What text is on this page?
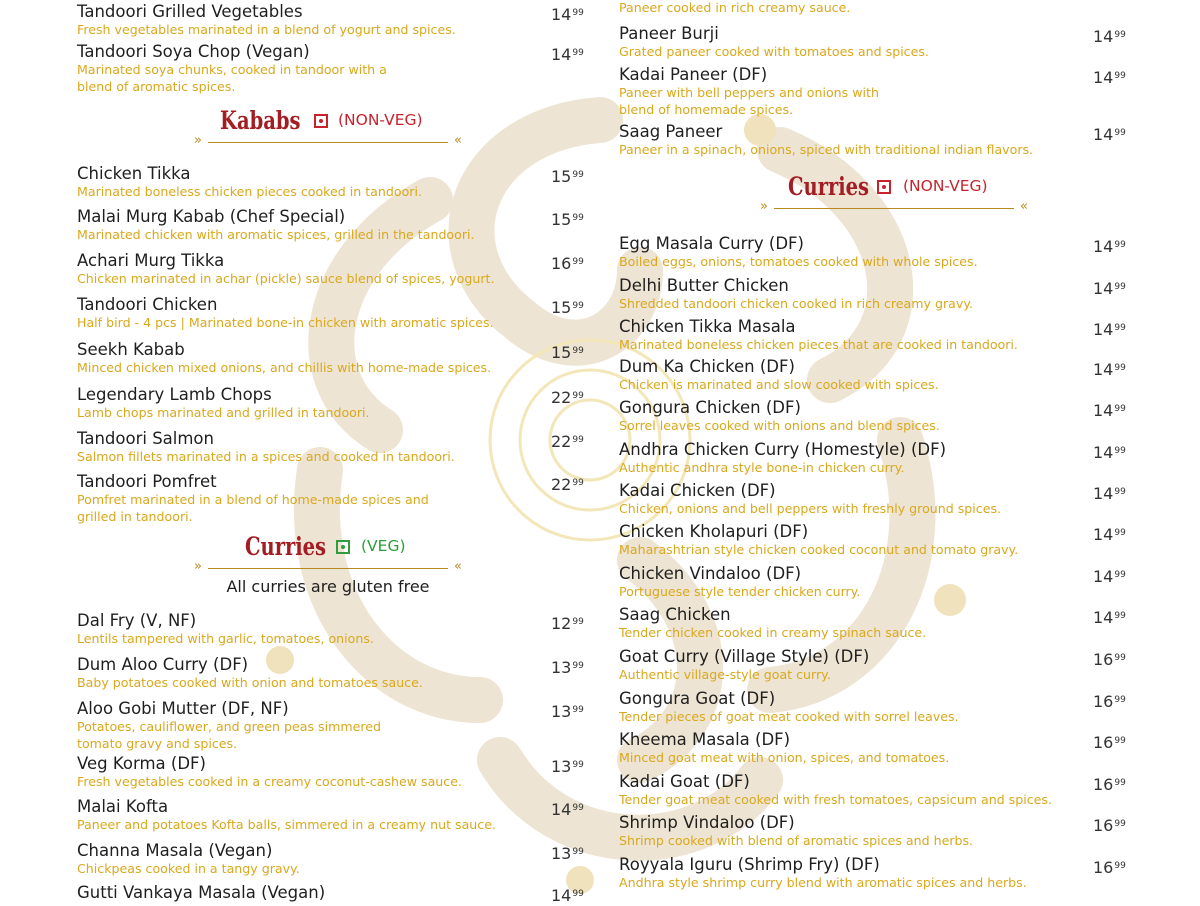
Tandoori Grilled Vegetables	$14^{99}$
Fresh vegetables marinated in a blend of yogurt and spices.
Tandoori Soya Chop (Vegan)	$14^{99}$
Marinated soya chunks, cooked in tandoor with a blend of aromatic spices.
Kababs (NON-VEG)
»	«
Chicken Tikka	$15^{99}$
Marinated boneless chicken pieces cooked in tandoori.
Malai Murg Kabab (Chef Special)	$15^{99}$
Marinated chicken with aromatic spices, grilled in the tandoori.
Achari Murg Tikka	$16^{99}$
Chicken marinated in achar (pickle) sauce blend of spices, yogurt.
Tandoori Chicken	$15^{99}$
Half bird - 4 pcs | Marinated bone-in chicken with aromatic spices.
Seekh Kabab	$15^{99}$
Minced chicken mixed onions, and chillis with home-made spices.
Legendary Lamb Chops	$22^{99}$
Lamb chops marinated and grilled in tandoori.
Tandoori Salmon	$22^{99}$
Salmon fillets marinated in a spices and cooked in tandoori.
Tandoori Pomfret	$22^{99}$
Pomfret marinated in a blend of home-made spices and grilled in tandoori.
Curries (VEG)
»	«
All curries are gluten free
Dal Fry (V, NF)	$12^{99}$
Lentils tampered with garlic, tomatoes, onions.
Dum Aloo Curry (DF)	$13^{99}$
Baby potatoes cooked with onion and tomatoes sauce.
Aloo Gobi Mutter (DF, NF)	$13^{99}$
Potatoes, cauliflower, and green peas simmered tomato gravy and spices.
Veg Korma (DF)	$13^{99}$
Fresh vegetables cooked in a creamy coconut-cashew sauce.
Malai Kofta	$14^{99}$
Paneer and potatoes Kofta balls, simmered in a creamy nut sauce.
Channa Masala (Vegan)	$13^{99}$
Chickpeas cooked in a tangy gravy.
Gutti Vankaya Masala (Vegan)	$14^{99}$
Paneer cooked in rich creamy sauce.
Paneer Burji	$14^{99}$
Grated paneer cooked with tomatoes and spices.
Kadai Paneer (DF)	$14^{99}$
Paneer with bell peppers and onions with blend of homemade spices.
Saag Paneer	$14^{99}$
Paneer in a spinach, onions, spiced with traditional indian flavors.
Curries (NON-VEG)
»	«
Egg Masala Curry (DF)	$14^{99}$
Boiled eggs, onions, tomatoes cooked with whole spices.
Delhi Butter Chicken	$14^{99}$
Shredded tandoori chicken cooked in rich creamy gravy.
Chicken Tikka Masala	$14^{99}$
Marinated boneless chicken pieces that are cooked in tandoori.
Dum Ka Chicken (DF)	$14^{99}$
Chicken is marinated and slow cooked with spices.
Gongura Chicken (DF)	$14^{99}$
Sorrel leaves cooked with onions and blend spices.
Andhra Chicken Curry (Homestyle) (DF)	$14^{99}$
Authentic andhra style bone-in chicken curry.
Kadai Chicken (DF)	$14^{99}$
Chicken, onions and bell peppers with freshly ground spices.
Chicken Kholapuri (DF)	$14^{99}$
Maharashtrian style chicken cooked coconut and tomato gravy.
Chicken Vindaloo (DF)	$14^{99}$
Portuguese style tender chicken curry.
Saag Chicken	$14^{99}$
Tender chicken cooked in creamy spinach sauce.
Goat Curry (Village Style) (DF)	$16^{99}$
Authentic village-style goat curry.
Gongura Goat (DF)	$16^{99}$
Tender pieces of goat meat cooked with sorrel leaves.
Kheema Masala (DF)	$16^{99}$
Minced goat meat with onion, spices, and tomatoes.
Kadai Goat (DF)	$16^{99}$
Tender goat meat cooked with fresh tomatoes, capsicum and spices.
Shrimp Vindaloo (DF)	$16^{99}$
Shrimp cooked with blend of aromatic spices and herbs.
Royyala Iguru (Shrimp Fry) (DF)	$16^{99}$
Andhra style shrimp curry blend with aromatic spices and herbs.
